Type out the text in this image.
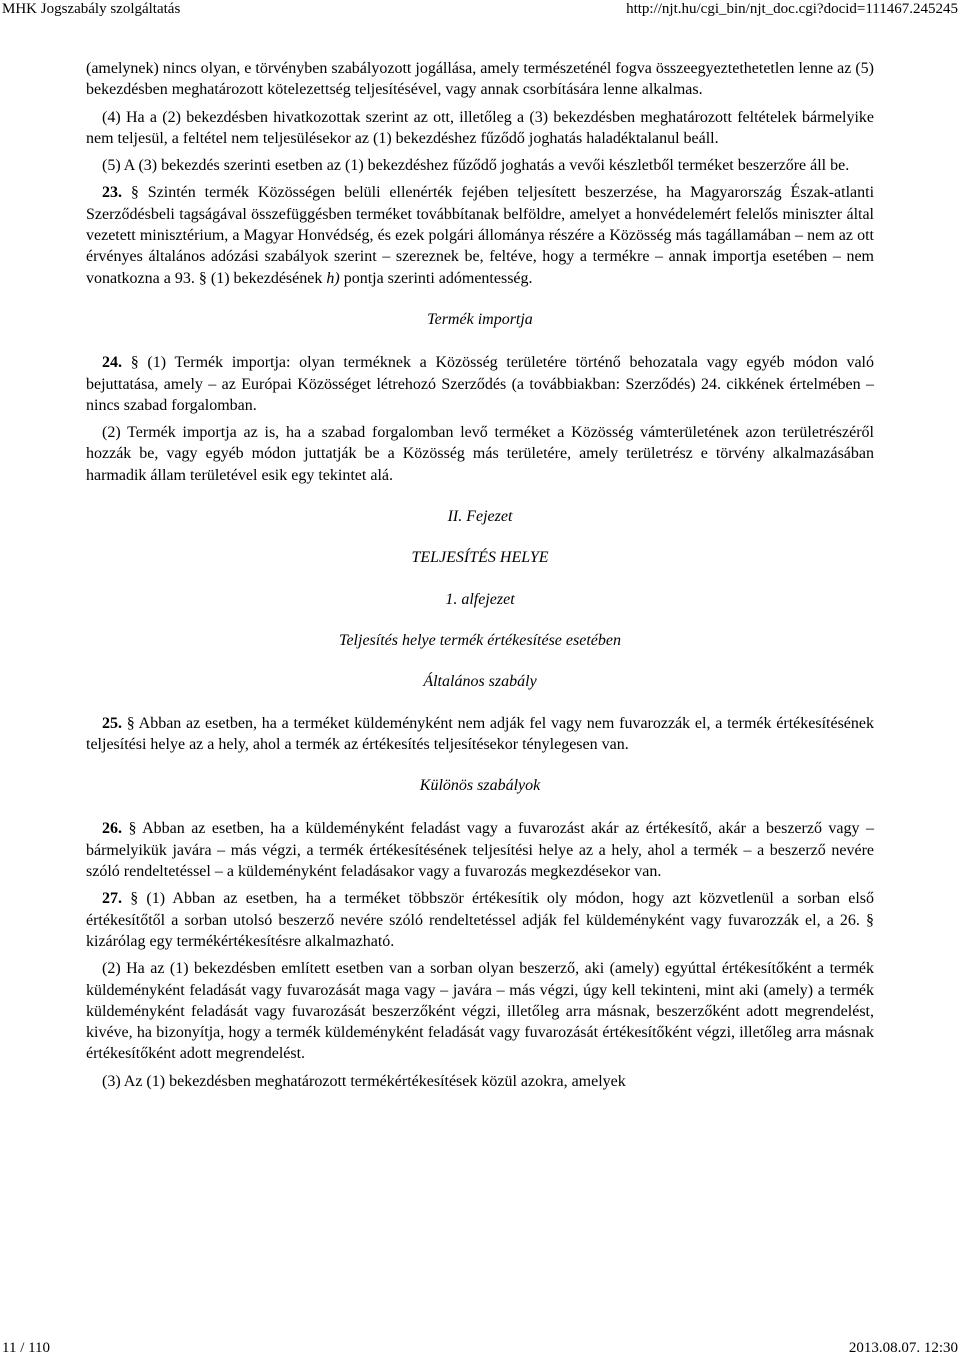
MHK Jogszabály szolgáltatás	http://njt.hu/cgi_bin/njt_doc.cgi?docid=111467.245245

(amelynek) nincs olyan, e törvényben szabályozott jogállása, amely természeténél fogva összeegyeztethetetlen lenne az (5) bekezdésben meghatározott kötelezettség teljesítésével, vagy annak csorbítására lenne alkalmas.

(4) Ha a (2) bekezdésben hivatkozottak szerint az ott, illetőleg a (3) bekezdésben meghatározott feltételek bármelyike nem teljesül, a feltétel nem teljesülésekor az (1) bekezdéshez fűződő joghatás haladéktalanul beáll.

(5) A (3) bekezdés szerinti esetben az (1) bekezdéshez fűződő joghatás a vevői készletből terméket beszerzőre áll be.

23. § Szintén termék Közösségen belüli ellenérték fejében teljesített beszerzése, ha Magyarország Észak-atlanti Szerződésbeli tagságával összefüggésben terméket továbbítanak belföldre, amelyet a honvédelemért felelős miniszter által vezetett minisztérium, a Magyar Honvédség, és ezek polgári állománya részére a Közösség más tagállamában – nem az ott érvényes általános adózási szabályok szerint – szereznek be, feltéve, hogy a termékre – annak importja esetében – nem vonatkozna a 93. § (1) bekezdésének h) pontja szerinti adómentesség.

Termék importja

24. § (1) Termék importja: olyan terméknek a Közösség területére történő behozatala vagy egyéb módon való bejuttatása, amely – az Európai Közösséget létrehozó Szerződés (a továbbiakban: Szerződés) 24. cikkének értelmében – nincs szabad forgalomban.

(2) Termék importja az is, ha a szabad forgalomban levő terméket a Közösség vámterületének azon területrészéről hozzák be, vagy egyéb módon juttatják be a Közösség más területére, amely területrész e törvény alkalmazásában harmadik állam területével esik egy tekintet alá.

II. Fejezet
TELJESÍTÉS HELYE
1. alfejezet
Teljesítés helye termék értékesítése esetében
Általános szabály

25. § Abban az esetben, ha a terméket küldeményként nem adják fel vagy nem fuvarozzák el, a termék értékesítésének teljesítési helye az a hely, ahol a termék az értékesítés teljesítésekor ténylegesen van.

Különös szabályok

26. § Abban az esetben, ha a küldeményként feladást vagy a fuvarozást akár az értékesítő, akár a beszerző vagy – bármelyikük javára – más végzi, a termék értékesítésének teljesítési helye az a hely, ahol a termék – a beszerző nevére szóló rendeltetéssel – a küldeményként feladásakor vagy a fuvarozás megkezdésekor van.

27. § (1) Abban az esetben, ha a terméket többször értékesítik oly módon, hogy azt közvetlenül a sorban első értékesítőtől a sorban utolsó beszerző nevére szóló rendeltetéssel adják fel küldeményként vagy fuvarozzák el, a 26. § kizárólag egy termékértékesítésre alkalmazható.

(2) Ha az (1) bekezdésben említett esetben van a sorban olyan beszerző, aki (amely) egyúttal értékesítőként a termék küldeményként feladását vagy fuvarozását maga vagy – javára – más végzi, úgy kell tekinteni, mint aki (amely) a termék küldeményként feladását vagy fuvarozását beszerzőként végzi, illetőleg arra másnak, beszerzőként adott megrendelést, kivéve, ha bizonyítja, hogy a termék küldeményként feladását vagy fuvarozását értékesítőként végzi, illetőleg arra másnak értékesítőként adott megrendelést.

(3) Az (1) bekezdésben meghatározott termékértékesítések közül azokra, amelyek

11 / 110	2013.08.07. 12:30
